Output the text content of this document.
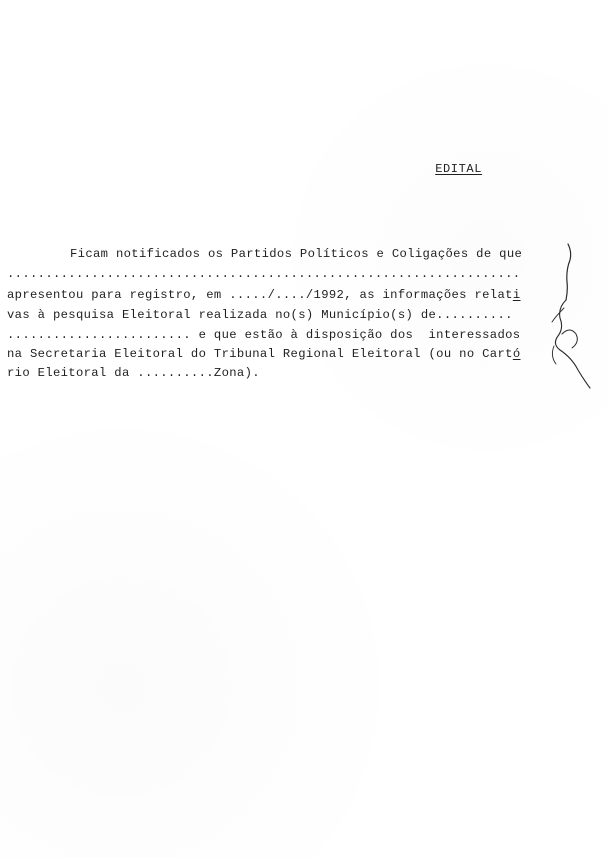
EDITAL
Ficam notificados os Partidos Políticos e Coligações de que
...................................................................
apresentou para registro, em ...../..../1992, as informações relati
vas à pesquisa Eleitoral realizada no(s) Município(s) de..........
........................ e que estão à disposição dos  interessados
na Secretaria Eleitoral do Tribunal Regional Eleitoral (ou no Cartó
rio Eleitoral da ..........Zona).
